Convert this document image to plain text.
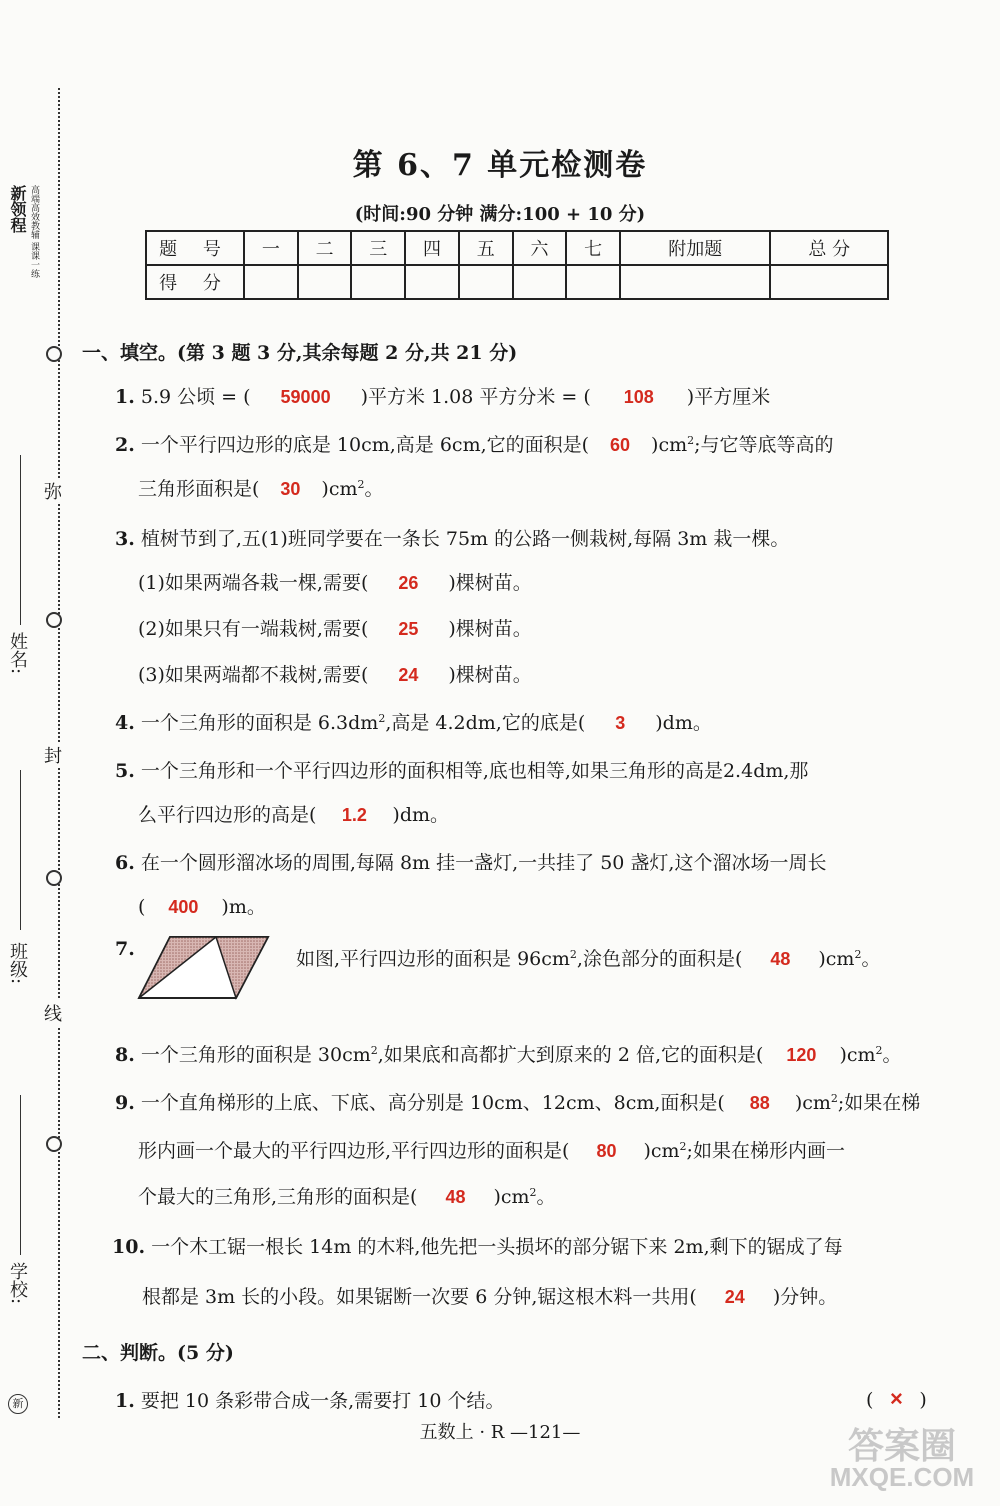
新领程 高端高效教辅 课课一练
弥
封
线
姓名:
班级:
学校:
新
第 6、7 单元检测卷
(时间:90 分钟 满分:100 + 10 分)
题 号	一	二	三	四	五	六	七	附加题	总 分
得 分									
一、填空。(第 3 题 3 分,其余每题 2 分,共 21 分)
1. 5.9 公顷 = ( 59000 )平方米 1.08 平方分米 = ( 108 )平方厘米
2. 一个平行四边形的底是 10cm,高是 6cm,它的面积是( 60 )$cm^2$;与它等底等高的
三角形面积是( 30 )$cm^2$。
3. 植树节到了,五(1)班同学要在一条长 75m 的公路一侧栽树,每隔 3m 栽一棵。
(1)如果两端各栽一棵,需要( 26 )棵树苗。
(2)如果只有一端栽树,需要( 25 )棵树苗。
(3)如果两端都不栽树,需要( 24 )棵树苗。
4. 一个三角形的面积是 $6.3dm^2$,高是 4.2dm,它的底是( 3 )dm。
5. 一个三角形和一个平行四边形的面积相等,底也相等,如果三角形的高是2.4dm,那
么平行四边形的高是( 1.2 )dm。
6. 在一个圆形溜冰场的周围,每隔 8m 挂一盏灯,一共挂了 50 盏灯,这个溜冰场一周长
( 400 )m。
7.	如图,平行四边形的面积是 $96cm^2$,涂色部分的面积是( 48 )$cm^2$。
8. 一个三角形的面积是 $30cm^2$,如果底和高都扩大到原来的 2 倍,它的面积是( 120 )$cm^2$。
9. 一个直角梯形的上底、下底、高分别是 10cm、12cm、8cm,面积是( 88 )$cm^2$;如果在梯
形内画一个最大的平行四边形,平行四边形的面积是( 80 )$cm^2$;如果在梯形内画一
个最大的三角形,三角形的面积是( 48 )$cm^2$。
10. 一个木工锯一根长 14m 的木料,他先把一头损坏的部分锯下来 2m,剩下的锯成了每
根都是 3m 长的小段。如果锯断一次要 6 分钟,锯这根木料一共用( 24 )分钟。
二、判断。(5 分)
1. 要把 10 条彩带合成一条,需要打 10 个结。	( × )
五数上 · R —121—	答案圈
MXQE.COM
